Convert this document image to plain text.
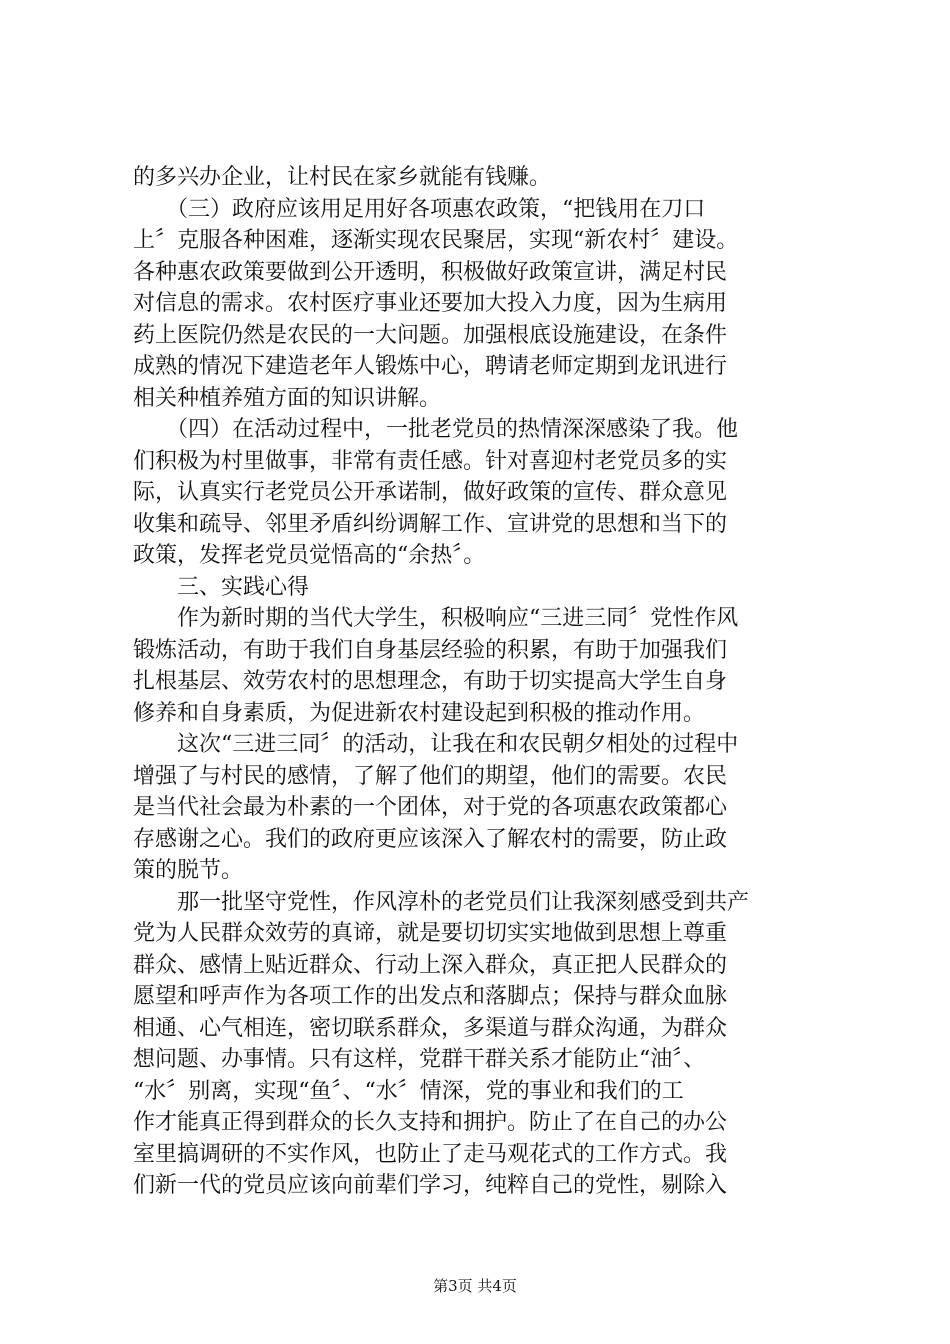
的多兴办企业，让村民在家乡就能有钱赚。
　　（三）政府应该用足用好各项惠农政策，“把钱用在刀口
上〞克服各种困难，逐渐实现农民聚居，实现“新农村〞建设。
各种惠农政策要做到公开透明，积极做好政策宣讲，满足村民
对信息的需求。农村医疗事业还要加大投入力度，因为生病用
药上医院仍然是农民的一大问题。加强根底设施建设，在条件
成熟的情况下建造老年人锻炼中心，聘请老师定期到龙讯进行
相关种植养殖方面的知识讲解。
　　（四）在活动过程中，一批老党员的热情深深感染了我。他
们积极为村里做事，非常有责任感。针对喜迎村老党员多的实
际，认真实行老党员公开承诺制，做好政策的宣传、群众意见
收集和疏导、邻里矛盾纠纷调解工作、宣讲党的思想和当下的
政策，发挥老党员觉悟高的“余热〞。
　　三、实践心得
　　作为新时期的当代大学生，积极响应“三进三同〞党性作风
锻炼活动，有助于我们自身基层经验的积累，有助于加强我们
扎根基层、效劳农村的思想理念，有助于切实提高大学生自身
修养和自身素质，为促进新农村建设起到积极的推动作用。
　　这次“三进三同〞的活动，让我在和农民朝夕相处的过程中
增强了与村民的感情，了解了他们的期望，他们的需要。农民
是当代社会最为朴素的一个团体，对于党的各项惠农政策都心
存感谢之心。我们的政府更应该深入了解农村的需要，防止政
策的脱节。
　　那一批坚守党性，作风淳朴的老党员们让我深刻感受到共产
党为人民群众效劳的真谛，就是要切切实实地做到思想上尊重
群众、感情上贴近群众、行动上深入群众，真正把人民群众的
愿望和呼声作为各项工作的出发点和落脚点；保持与群众血脉
相通、心气相连，密切联系群众，多渠道与群众沟通，为群众
想问题、办事情。只有这样，党群干群关系才能防止“油〞、
“水〞别离，实现“鱼〞、“水〞情深，党的事业和我们的工
作才能真正得到群众的长久支持和拥护。防止了在自己的办公
室里搞调研的不实作风，也防止了走马观花式的工作方式。我
们新一代的党员应该向前辈们学习，纯粹自己的党性，剔除入
第3页 共4页
